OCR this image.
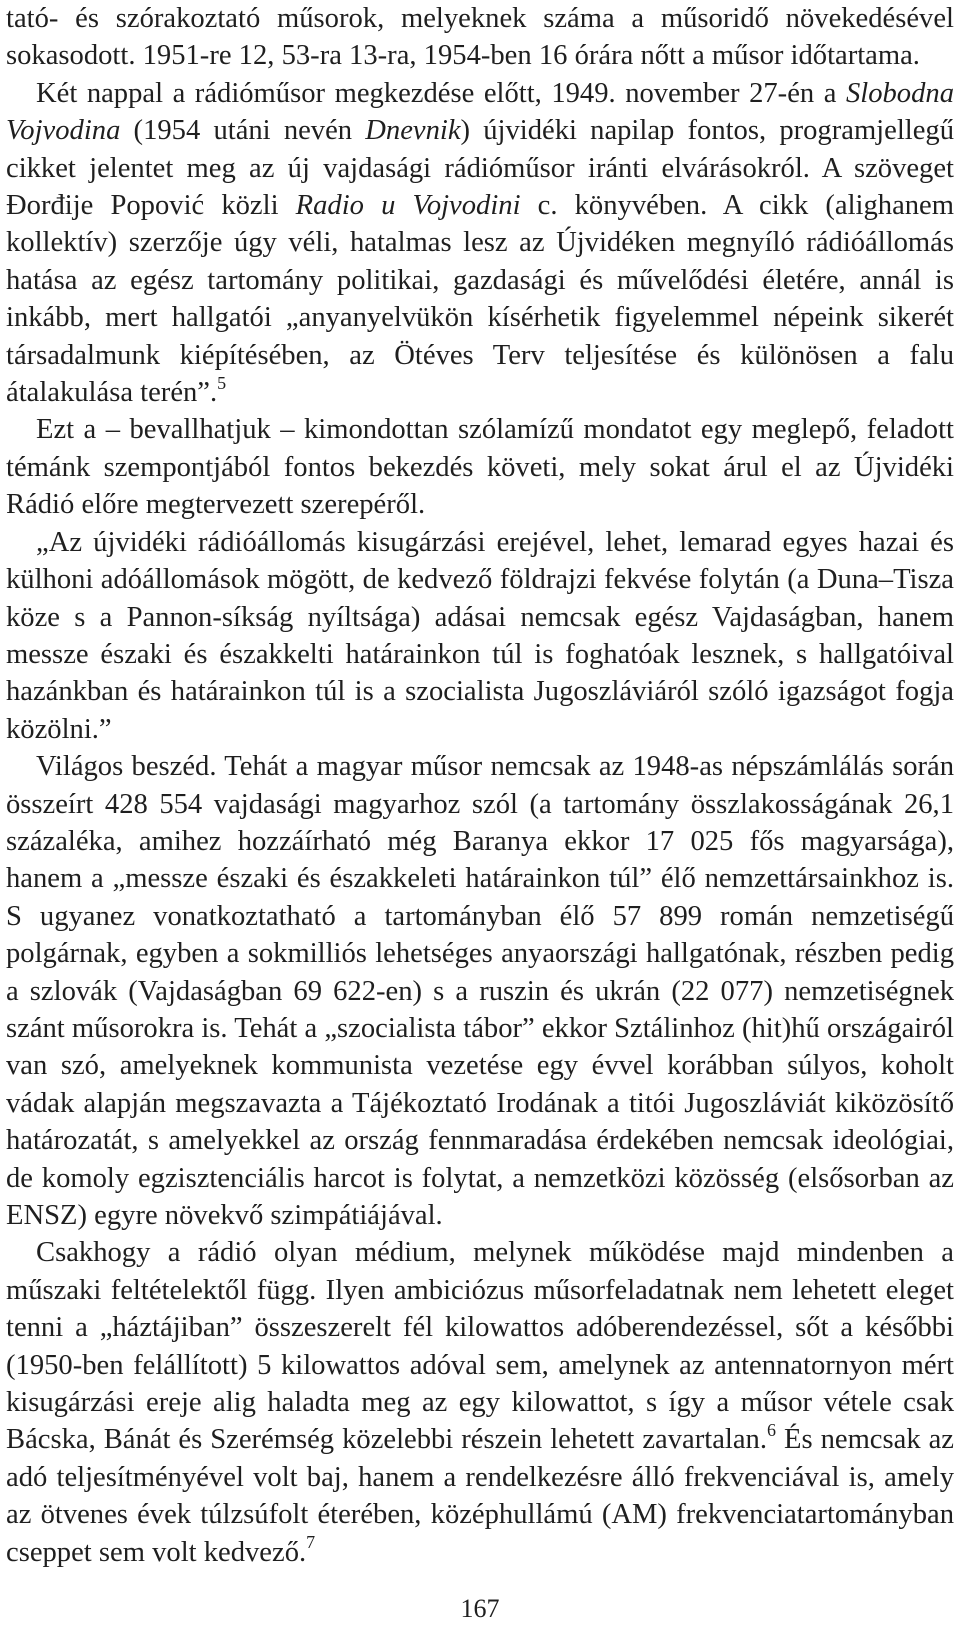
tató- és szórakoztató műsorok, melyeknek száma a műsoridő növekedésével sokasodott. 1951-re 12, 53-ra 13-ra, 1954-ben 16 órára nőtt a műsor időtartama.

Két nappal a rádióműsor megkezdése előtt, 1949. november 27-én a Slobodna Vojvodina (1954 utáni nevén Dnevnik) újvidéki napilap fontos, programjellegű cikket jelentet meg az új vajdasági rádióműsor iránti elvárásokról. A szöveget Đorđije Popović közli Radio u Vojvodini c. könyvében. A cikk (alighanem kollektív) szerzője úgy véli, hatalmas lesz az Újvidéken megnyíló rádióállomás hatása az egész tartomány politikai, gazdasági és művelődési életére, annál is inkább, mert hallgatói „anyanyelvükön kísérhetik figyelemmel népeink sikerét társadalmunk kiépítésében, az Ötéves Terv teljesítése és különösen a falu átalakulása terén”.$^5$

Ezt a – bevallhatjuk – kimondottan szólamízű mondatot egy meglepő, feladott témánk szempontjából fontos bekezdés követi, mely sokat árul el az Újvidéki Rádió előre megtervezett szerepéről.

„Az újvidéki rádióállomás kisugárzási erejével, lehet, lemarad egyes hazai és külhoni adóállomások mögött, de kedvező földrajzi fekvése folytán (a Duna–Tisza köze s a Pannon-síkság nyíltsága) adásai nemcsak egész Vajdaságban, hanem messze északi és északkelti határainkon túl is foghatóak lesznek, s hallgatóival hazánkban és határainkon túl is a szocialista Jugoszláviáról szóló igazságot fogja közölni.”

Világos beszéd. Tehát a magyar műsor nemcsak az 1948-as népszámlálás során összeírt 428 554 vajdasági magyarhoz szól (a tartomány összlakosságának 26,1 százaléka, amihez hozzáírható még Baranya ekkor 17 025 fős magyarsága), hanem a „messze északi és északkeleti határainkon túl” élő nemzettársainkhoz is. S ugyanez vonatkoztatható a tartományban élő 57 899 román nemzetiségű polgárnak, egyben a sokmilliós lehetséges anyaországi hallgatónak, részben pedig a szlovák (Vajdaságban 69 622-en) s a ruszin és ukrán (22 077) nemzetiségnek szánt műsorokra is. Tehát a „szocialista tábor” ekkor Sztálinhoz (hit)hű országairól van szó, amelyeknek kommunista vezetése egy évvel korábban súlyos, koholt vádak alapján megszavazta a Tájékoztató Irodának a titói Jugoszláviát kiközösítő határozatát, s amelyekkel az ország fennmaradása érdekében nemcsak ideológiai, de komoly egzisztenciális harcot is folytat, a nemzetközi közösség (elsősorban az ENSZ) egyre növekvő szimpátiájával.

Csakhogy a rádió olyan médium, melynek működése majd mindenben a műszaki feltételektől függ. Ilyen ambiciózus műsorfeladatnak nem lehetett eleget tenni a „háztájiban” összeszerelt fél kilowattos adóberendezéssel, sőt a későbbi (1950-ben felállított) 5 kilowattos adóval sem, amelynek az antennatornyon mért kisugárzási ereje alig haladta meg az egy kilowattot, s így a műsor vétele csak Bácska, Bánát és Szerémség közelebbi részein lehetett zavartalan.$^6$ És nemcsak az adó teljesítményével volt baj, hanem a rendelkezésre álló frekvenciával is, amely az ötvenes évek túlzsúfolt éterében, középhullámú (AM) frekvenciatartományban cseppet sem volt kedvező.$^7$

167
